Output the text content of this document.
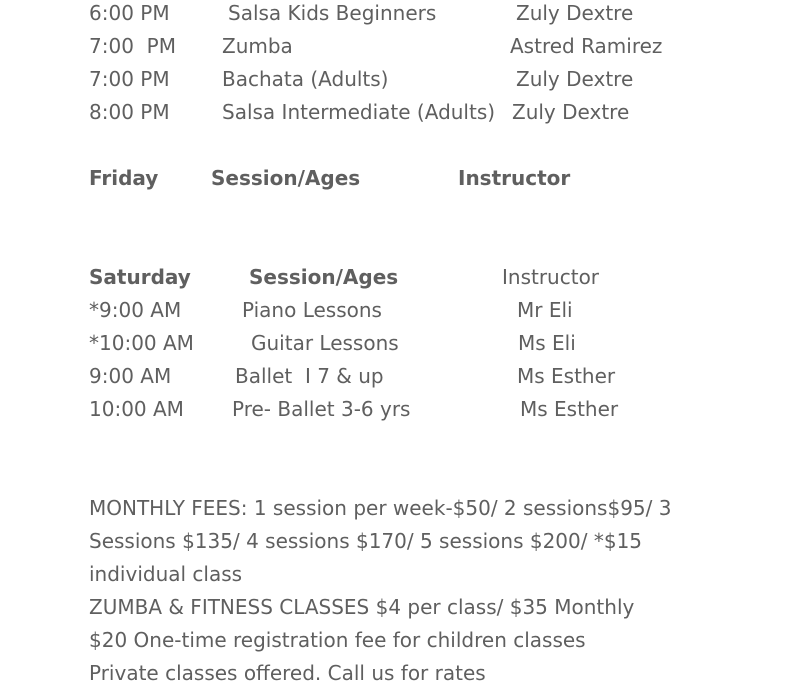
6:00 PM	Salsa Kids Beginners	Zuly Dextre
7:00  PM Zumba	Astred Ramirez
7:00 PM	Bachata (Adults)	Zuly Dextre
8:00 PM	Salsa Intermediate (Adults) Zuly Dextre
Friday	Session/Ages	Instructor
Saturday	Session/Ages	Instructor
*9:00 AM	Piano Lessons	Mr Eli
*10:00 AM	Guitar Lessons	Ms Eli
9:00 AM	Ballet  I 7 & up	Ms Esther
10:00 AM Pre- Ballet 3-6 yrs	Ms Esther
MONTHLY FEES: 1 session per week-$50/ 2 sessions$95/ 3 Sessions $135/ 4 sessions $170/ 5 sessions $200/ *$15 individual class
ZUMBA & FITNESS CLASSES $4 per class/ $35 Monthly
$20 One-time registration fee for children classes
Private classes offered. Call us for rates
